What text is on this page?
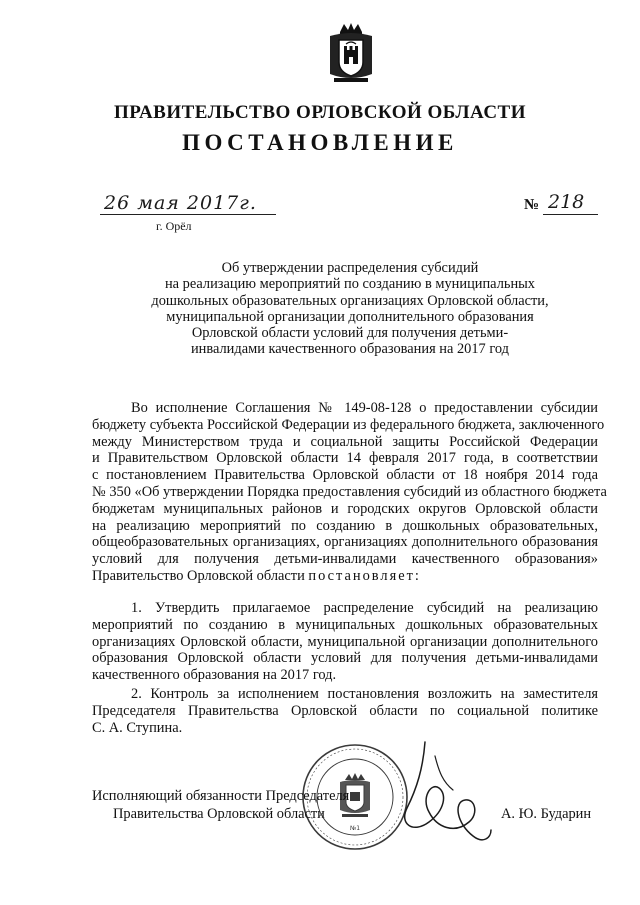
ПРАВИТЕЛЬСТВО ОРЛОВСКОЙ ОБЛАСТИ
ПОСТАНОВЛЕНИЕ
26 мая 2017г.
г. Орёл
№ 218
Об утверждении распределения субсидий
на реализацию мероприятий по созданию в муниципальных
дошкольных образовательных организациях Орловской области,
муниципальной организации дополнительного образования
Орловской области условий для получения детьми-
инвалидами качественного образования на 2017 год
Во исполнение Соглашения № 149-08-128 о предоставлении субсидии
бюджету субъекта Российской Федерации из федерального бюджета, заключенного
между Министерством труда и социальной защиты Российской Федерации
и Правительством Орловской области 14 февраля 2017 года, в соответствии
с постановлением Правительства Орловской области от 18 ноября 2014 года
№ 350 «Об утверждении Порядка предоставления субсидий из областного бюджета
бюджетам муниципальных районов и городских округов Орловской области
на реализацию мероприятий по созданию в дошкольных образовательных,
общеобразовательных организациях, организациях дополнительного образования
условий для получения детьми-инвалидами качественного образования»
Правительство Орловской области постановляет:
1. Утвердить прилагаемое распределение субсидий на реализацию
мероприятий по созданию в муниципальных дошкольных образовательных
организациях Орловской области, муниципальной организации дополнительного
образования Орловской области условий для получения детьми-инвалидами
качественного образования на 2017 год.
2. Контроль за исполнением постановления возложить на заместителя
Председателя Правительства Орловской области по социальной политике
С. А. Ступина.
№1
Исполняющий обязанности Председателя
Правительства Орловской области	А. Ю. Бударин
